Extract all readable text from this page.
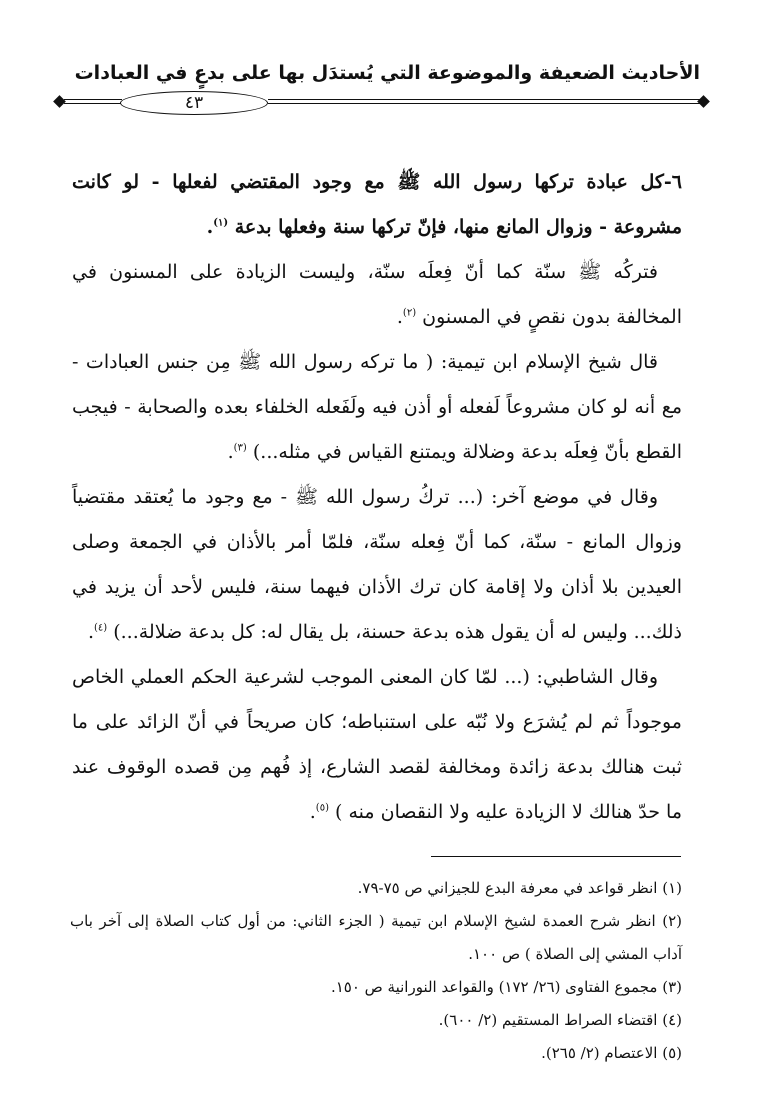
الأحاديث الضعيفة والموضوعة التي يُستدَل بها على بدعٍ في العبادات
٤٣

٦-كل عبادة تركها رسول الله ﷺ مع وجود المقتضي لفعلها - لو كانت مشروعة - وزوال المانع منها، فإنّ تركها سنة وفعلها بدعة $^{(١)}$.

فتركُه ﷺ سنّة كما أنّ فِعلَه سنّة، وليست الزيادة على المسنون في المخالفة بدون نقصٍ في المسنون $^{(٢)}$.

قال شيخ الإسلام ابن تيمية: ( ما تركه رسول الله ﷺ مِن جنس العبادات - مع أنه لو كان مشروعاً لَفعله أو أذن فيه ولَفَعله الخلفاء بعده والصحابة - فيجب القطع بأنّ فِعلَه بدعة وضلالة ويمتنع القياس في مثله...) $^{(٣)}$.

وقال في موضع آخر: (... تركُ رسول الله ﷺ - مع وجود ما يُعتقد مقتضياً وزوال المانع - سنّة، كما أنّ فِعله سنّة، فلمّا أمر بالأذان في الجمعة وصلى العيدين بلا أذان ولا إقامة كان ترك الأذان فيهما سنة، فليس لأحد أن يزيد في ذلك... وليس له أن يقول هذه بدعة حسنة، بل يقال له: كل بدعة ضلالة...) $^{(٤)}$.

وقال الشاطبي: (... لمّا كان المعنى الموجب لشرعية الحكم العملي الخاص موجوداً ثم لم يُشرَع ولا نُبّه على استنباطه؛ كان صريحاً في أنّ الزائد على ما ثبت هنالك بدعة زائدة ومخالفة لقصد الشارع، إذ فُهم مِن قصده الوقوف عند ما حدّ هنالك لا الزيادة عليه ولا النقصان منه ) $^{(٥)}$.

(١) انظر قواعد في معرفة البدع للجيزاني ص ٧٥-٧٩.

(٢) انظر شرح العمدة لشيخ الإسلام ابن تيمية ( الجزء الثاني: من أول كتاب الصلاة إلى آخر باب آداب المشي إلى الصلاة ) ص ١٠٠.

(٣) مجموع الفتاوى (٢٦/ ١٧٢) والقواعد النورانية ص ١٥٠.

(٤) اقتضاء الصراط المستقيم (٢/ ٦٠٠).

(٥) الاعتصام (٢/ ٢٦٥).
